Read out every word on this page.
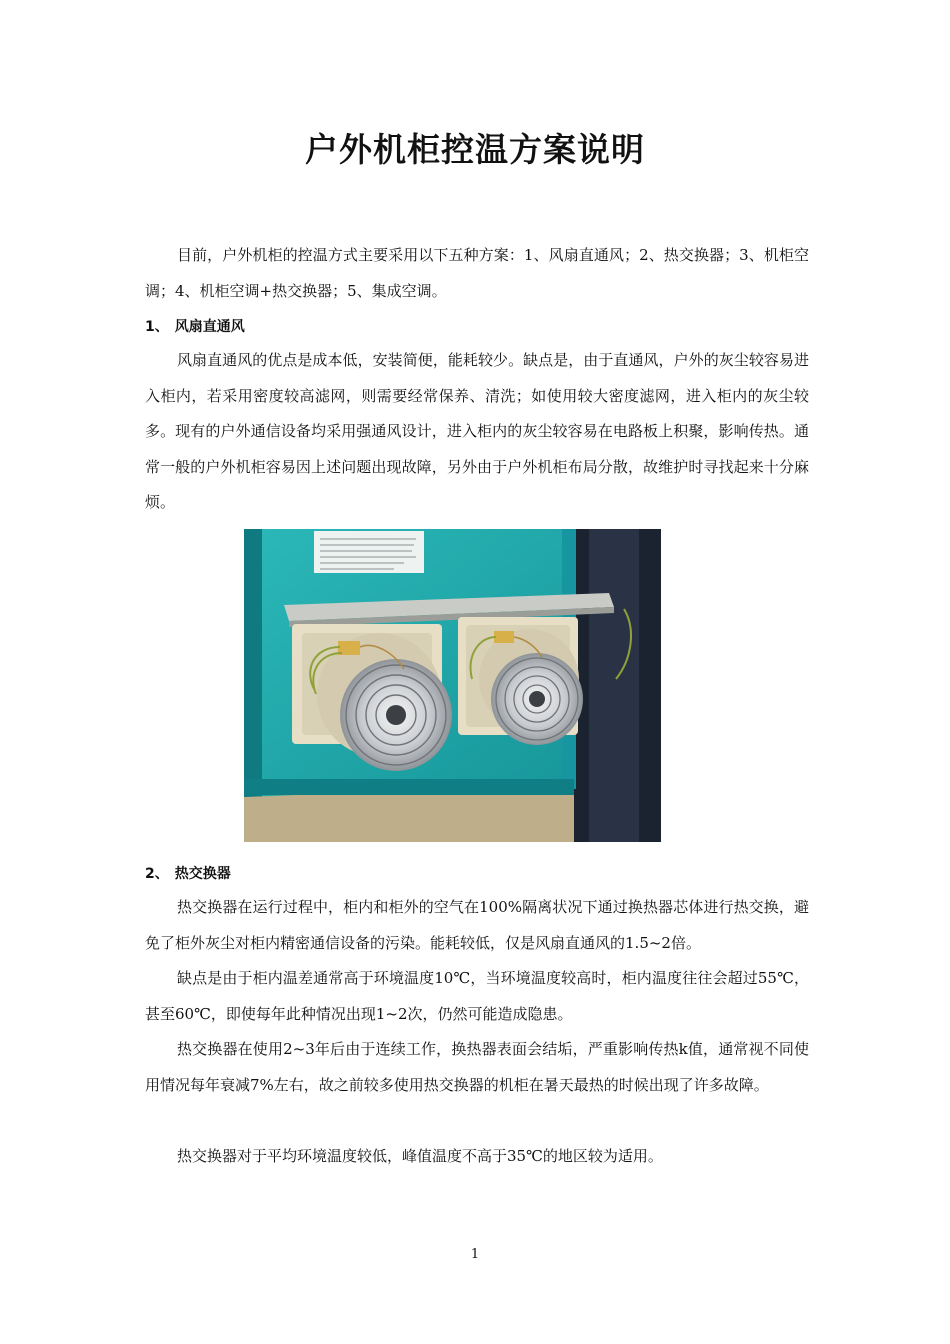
户外机柜控温方案说明

目前，户外机柜的控温方式主要采用以下五种方案：1、风扇直通风；2、热交换器；3、机柜空调；4、机柜空调+热交换器；5、集成空调。

1、 风扇直通风

风扇直通风的优点是成本低，安装简便，能耗较少。缺点是，由于直通风，户外的灰尘较容易进入柜内，若采用密度较高滤网，则需要经常保养、清洗；如使用较大密度滤网，进入柜内的灰尘较多。现有的户外通信设备均采用强通风设计，进入柜内的灰尘较容易在电路板上积聚，影响传热。通常一般的户外机柜容易因上述问题出现故障，另外由于户外机柜布局分散，故维护时寻找起来十分麻烦。

2、 热交换器

热交换器在运行过程中，柜内和柜外的空气在100%隔离状况下通过换热器芯体进行热交换，避免了柜外灰尘对柜内精密通信设备的污染。能耗较低，仅是风扇直通风的1.5~2倍。

缺点是由于柜内温差通常高于环境温度10℃，当环境温度较高时，柜内温度往往会超过55℃，甚至60℃，即使每年此种情况出现1~2次，仍然可能造成隐患。

热交换器在使用2~3年后由于连续工作，换热器表面会结垢，严重影响传热k值，通常视不同使用情况每年衰减7%左右，故之前较多使用热交换器的机柜在暑天最热的时候出现了许多故障。

热交换器对于平均环境温度较低，峰值温度不高于35℃的地区较为适用。

1
